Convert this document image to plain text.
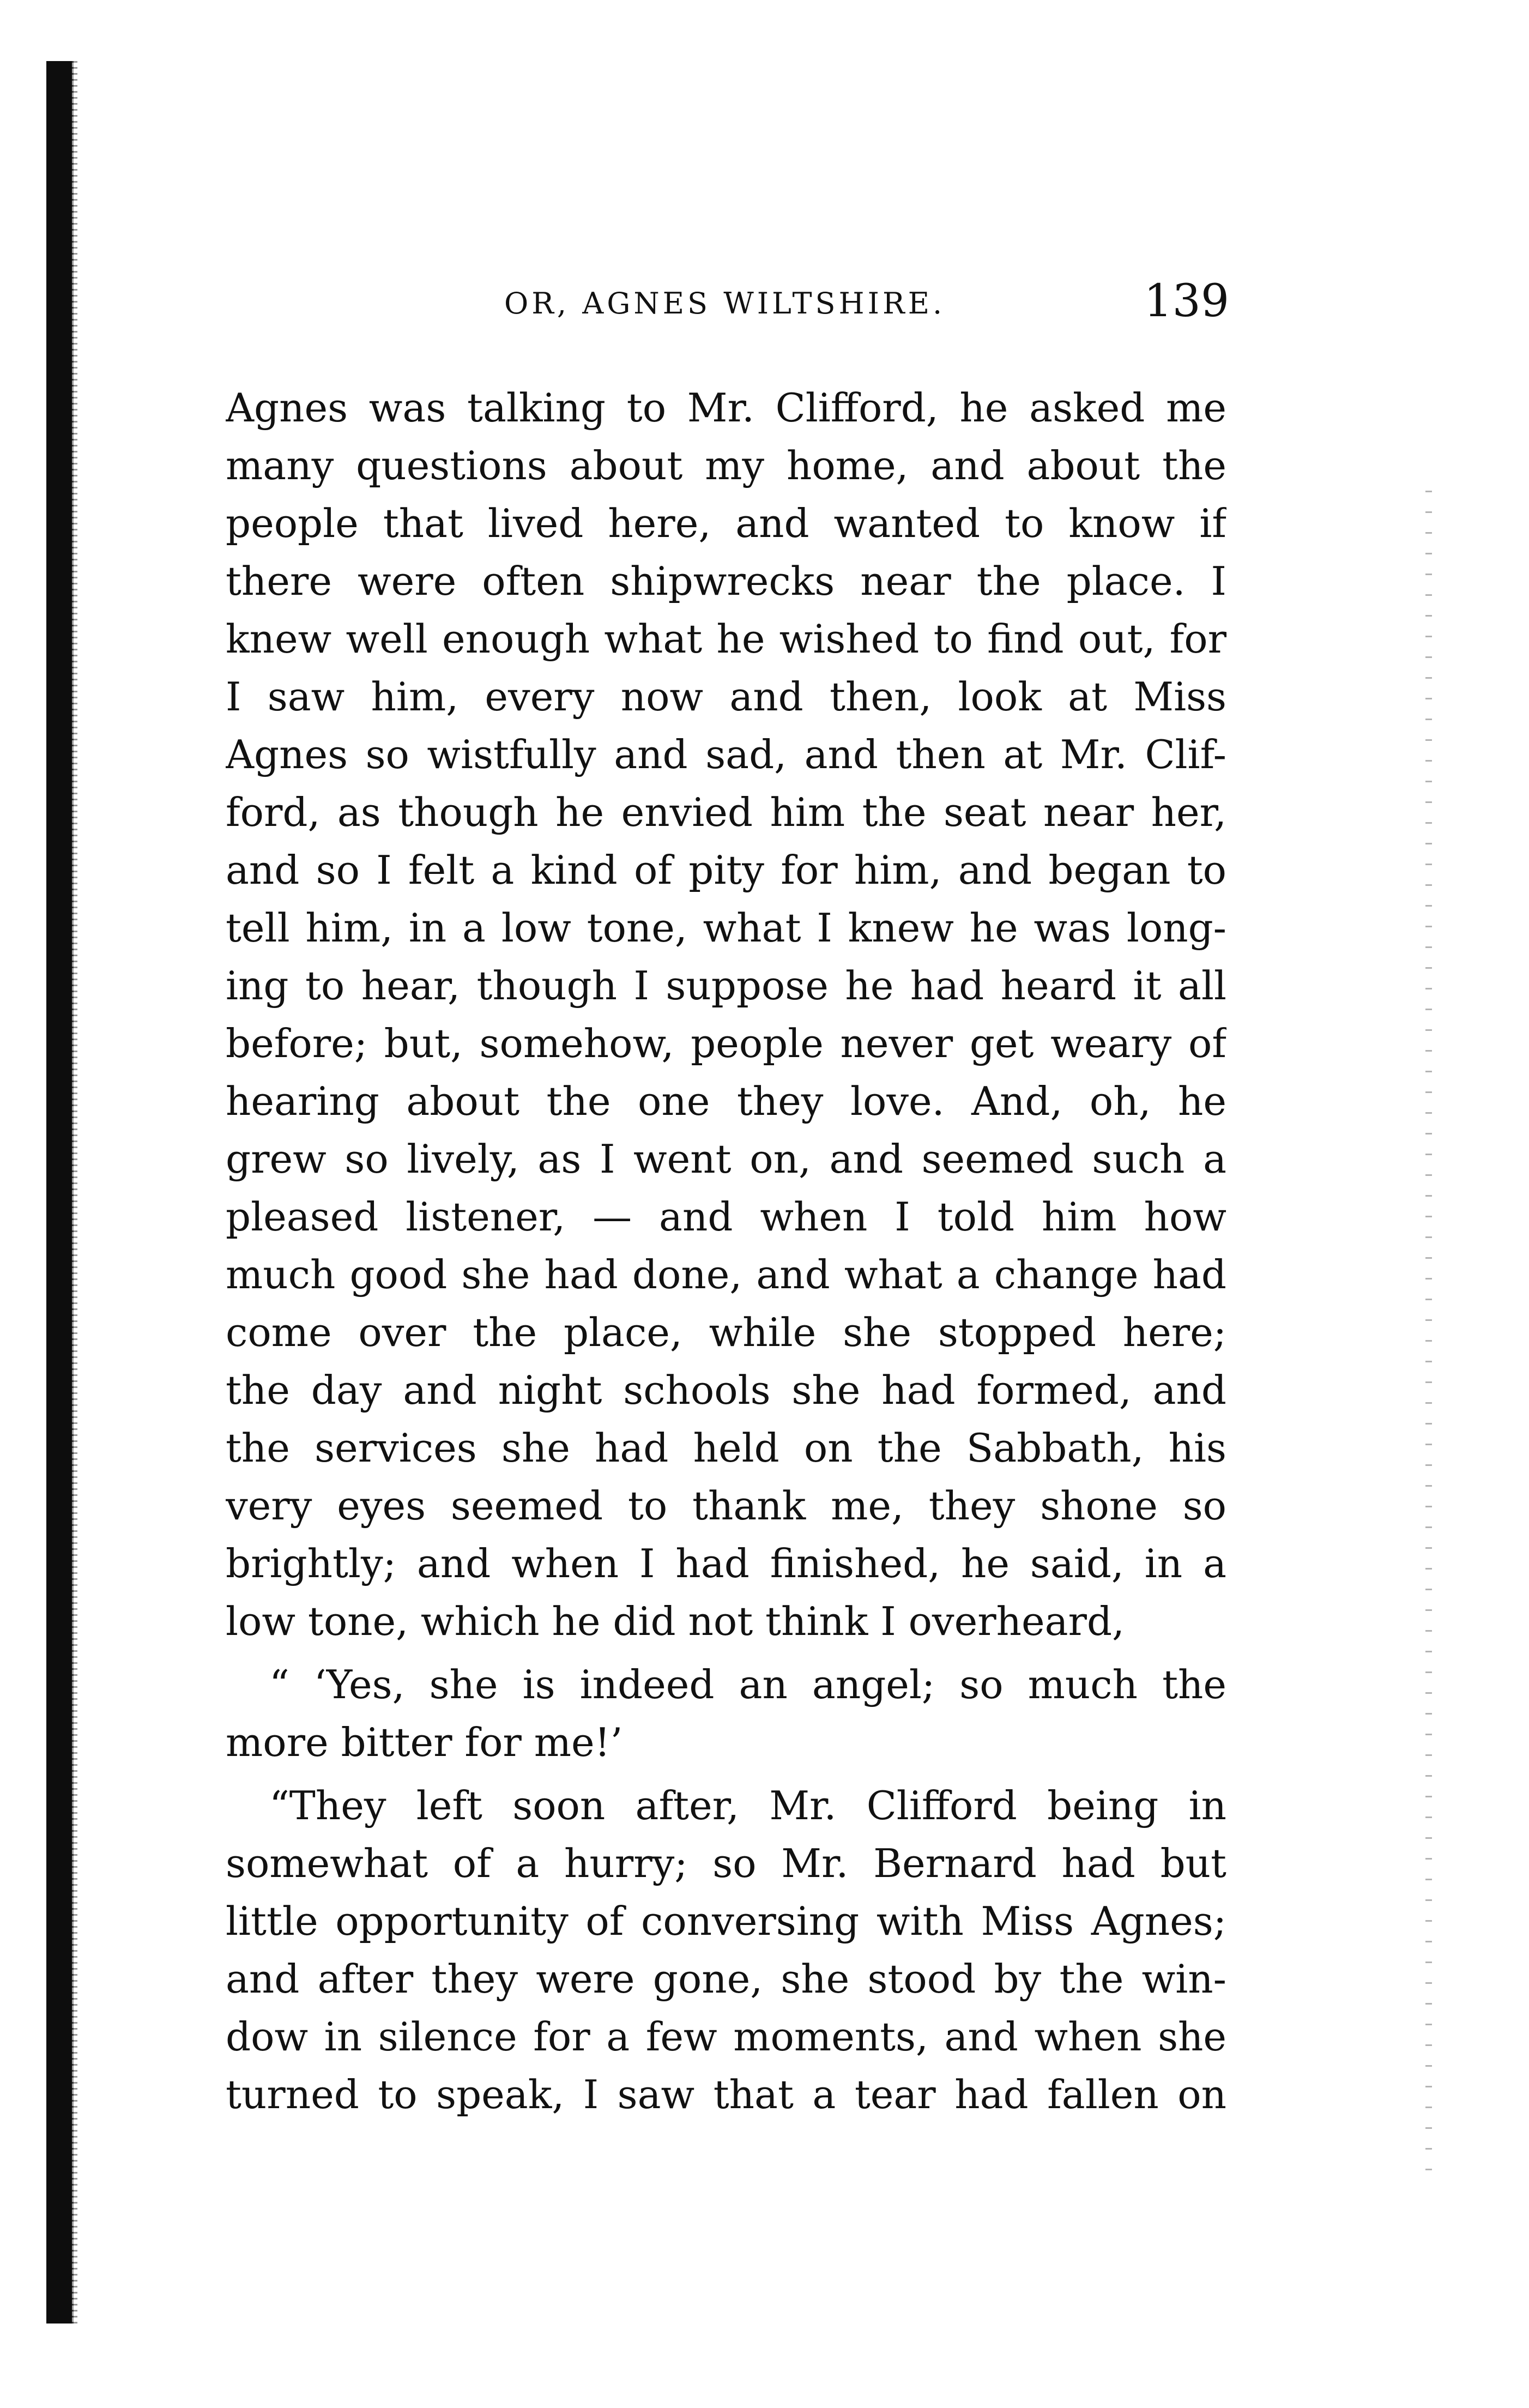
OR, AGNES WILTSHIRE.	139
Agnes was talking to Mr. Clifford, he asked me
many questions about my home, and about the
people that lived here, and wanted to know if
there were often shipwrecks near the place. I
knew well enough what he wished to find out, for
I saw him, every now and then, look at Miss
Agnes so wistfully and sad, and then at Mr. Clif-
ford, as though he envied him the seat near her,
and so I felt a kind of pity for him, and began to
tell him, in a low tone, what I knew he was long-
ing to hear, though I suppose he had heard it all
before; but, somehow, people never get weary of
hearing about the one they love. And, oh, he
grew so lively, as I went on, and seemed such a
pleased listener, — and when I told him how
much good she had done, and what a change had
come over the place, while she stopped here;
the day and night schools she had formed, and
the services she had held on the Sabbath, his
very eyes seemed to thank me, they shone so
brightly; and when I had finished, he said, in a
low tone, which he did not think I overheard,
“ ‘Yes, she is indeed an angel; so much the
more bitter for me!’
“They left soon after, Mr. Clifford being in
somewhat of a hurry; so Mr. Bernard had but
little opportunity of conversing with Miss Agnes;
and after they were gone, she stood by the win-
dow in silence for a few moments, and when she
turned to speak, I saw that a tear had fallen on
